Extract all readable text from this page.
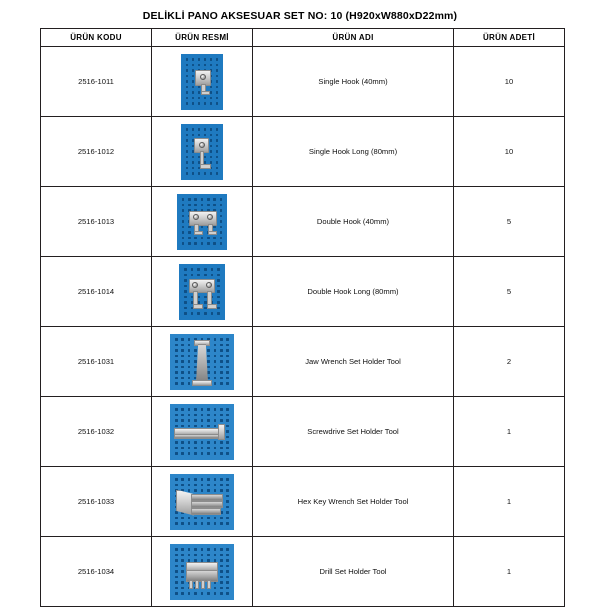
DELİKLİ PANO AKSESUAR SET NO: 10 (H920xW880xD22mm)
ÜRÜN KODU	ÜRÜN RESMİ	ÜRÜN ADI	ÜRÜN ADETİ
2516-1011		Single Hook (40mm)	10
2516-1012		Single Hook Long (80mm)	10
2516-1013		Double Hook (40mm)	5
2516-1014		Double Hook Long (80mm)	5
2516-1031		Jaw Wrench Set Holder Tool	2
2516-1032		Screwdrive Set Holder Tool	1
2516-1033		Hex Key Wrench Set Holder Tool	1
2516-1034		Drill Set Holder Tool	1
